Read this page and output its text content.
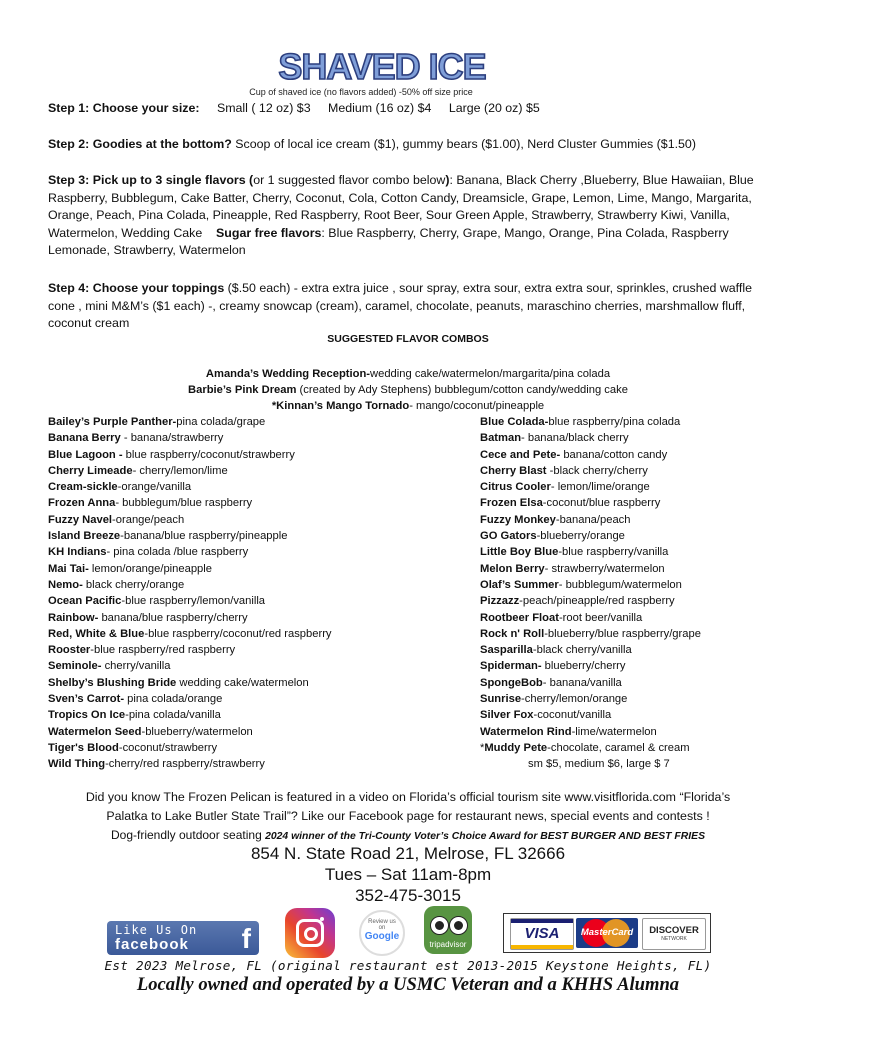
SHAVED ICE
Cup of shaved ice (no flavors added) -50% off size price
Step 1: Choose your size: Small ( 12 oz) $3 Medium (16 oz) $4 Large (20 oz) $5
Step 2: Goodies at the bottom? Scoop of local ice cream ($1), gummy bears ($1.00), Nerd Cluster Gummies ($1.50)
Step 3: Pick up to 3 single flavors (or 1 suggested flavor combo below): Banana, Black Cherry ,Blueberry, Blue Hawaiian, Blue Raspberry, Bubblegum, Cake Batter, Cherry, Coconut, Cola, Cotton Candy, Dreamsicle, Grape, Lemon, Lime, Mango, Margarita, Orange, Peach, Pina Colada, Pineapple, Red Raspberry, Root Beer, Sour Green Apple, Strawberry, Strawberry Kiwi, Vanilla, Watermelon, Wedding Cake Sugar free flavors: Blue Raspberry, Cherry, Grape, Mango, Orange, Pina Colada, Raspberry Lemonade, Strawberry, Watermelon
Step 4: Choose your toppings ($.50 each) - extra extra juice , sour spray, extra sour, extra extra sour, sprinkles, crushed waffle cone , mini M&M’s ($1 each) -, creamy snowcap (cream), caramel, chocolate, peanuts, maraschino cherries, marshmallow fluff, coconut cream
SUGGESTED FLAVOR COMBOS
Amanda’s Wedding Reception-wedding cake/watermelon/margarita/pina colada
Barbie’s Pink Dream (created by Ady Stephens) bubblegum/cotton candy/wedding cake
*Kinnan’s Mango Tornado- mango/coconut/pineapple
Bailey’s Purple Panther-pina colada/grape
Banana Berry - banana/strawberry
Blue Lagoon - blue raspberry/coconut/strawberry
Cherry Limeade- cherry/lemon/lime
Cream-sickle-orange/vanilla
Frozen Anna- bubblegum/blue raspberry
Fuzzy Navel-orange/peach
Island Breeze-banana/blue raspberry/pineapple
KH Indians- pina colada /blue raspberry
Mai Tai- lemon/orange/pineapple
Nemo- black cherry/orange
Ocean Pacific-blue raspberry/lemon/vanilla
Rainbow- banana/blue raspberry/cherry
Red, White & Blue-blue raspberry/coconut/red raspberry
Rooster-blue raspberry/red raspberry
Seminole- cherry/vanilla
Shelby’s Blushing Bride wedding cake/watermelon
Sven’s Carrot- pina colada/orange
Tropics On Ice-pina colada/vanilla
Watermelon Seed-blueberry/watermelon
Tiger's Blood-coconut/strawberry
Wild Thing-cherry/red raspberry/strawberry
Blue Colada-blue raspberry/pina colada
Batman- banana/black cherry
Cece and Pete- banana/cotton candy
Cherry Blast -black cherry/cherry
Citrus Cooler- lemon/lime/orange
Frozen Elsa-coconut/blue raspberry
Fuzzy Monkey-banana/peach
GO Gators-blueberry/orange
Little Boy Blue-blue raspberry/vanilla
Melon Berry- strawberry/watermelon
Olaf’s Summer- bubblegum/watermelon
Pizzazz-peach/pineapple/red raspberry
Rootbeer Float-root beer/vanilla
Rock n' Roll-blueberry/blue raspberry/grape
Sasparilla-black cherry/vanilla
Spiderman- blueberry/cherry
SpongeBob- banana/vanilla
Sunrise-cherry/lemon/orange
Silver Fox-coconut/vanilla
Watermelon Rind-lime/watermelon
*Muddy Pete-chocolate, caramel & cream
sm $5, medium $6, large $ 7
Did you know The Frozen Pelican is featured in a video on Florida’s official tourism site www.visitflorida.com “Florida’s
Palatka to Lake Butler State Trail”? Like our Facebook page for restaurant news, special events and contests !
Dog-friendly outdoor seating 2024 winner of the Tri-County Voter’s Choice Award for BEST BURGER AND BEST FRIES
854 N. State Road 21, Melrose, FL 32666
Tues – Sat 11am-8pm
352-475-3015
Like Us On
facebook f
Review us
on
Google
tripadvisor
VISA	MasterCard	DISCOVER
NETWORK
Est 2023 Melrose, FL (original restaurant est 2013-2015 Keystone Heights, FL)
Locally owned and operated by a USMC Veteran and a KHHS Alumna
